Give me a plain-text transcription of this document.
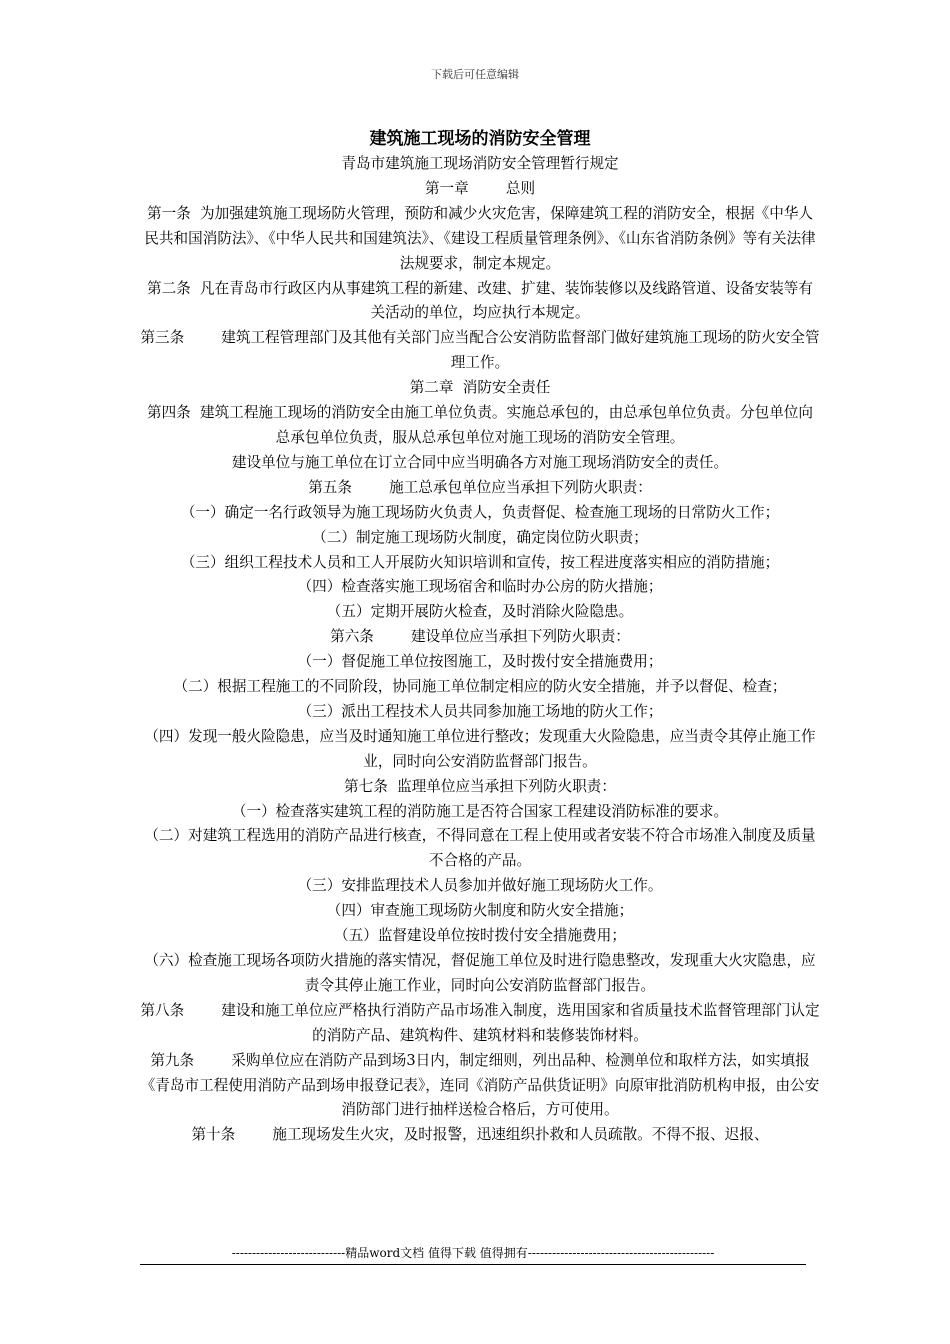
下载后可任意编辑

建筑施工现场的消防安全管理

青岛市建筑施工现场消防安全管理暂行规定

第一章        总则

第一条  为加强建筑施工现场防火管理，预防和减少火灾危害，保障建筑工程的消防安全，根据《中华人民共和国消防法》、《中华人民共和国建筑法》、《建设工程质量管理条例》、《山东省消防条例》等有关法律法规要求，制定本规定。

第二条  凡在青岛市行政区内从事建筑工程的新建、改建、扩建、装饰装修以及线路管道、设备安装等有关活动的单位，均应执行本规定。

第三条        建筑工程管理部门及其他有关部门应当配合公安消防监督部门做好建筑施工现场的防火安全管理工作。

第二章  消防安全责任

第四条  建筑工程施工现场的消防安全由施工单位负责。实施总承包的，由总承包单位负责。分包单位向总承包单位负责，服从总承包单位对施工现场的消防安全管理。

建设单位与施工单位在订立合同中应当明确各方对施工现场消防安全的责任。

第五条        施工总承包单位应当承担下列防火职责：

（一）确定一名行政领导为施工现场防火负责人，负责督促、检查施工现场的日常防火工作；

（二）制定施工现场防火制度，确定岗位防火职责；

（三）组织工程技术人员和工人开展防火知识培训和宣传，按工程进度落实相应的消防措施；

（四）检查落实施工现场宿舍和临时办公房的防火措施；

（五）定期开展防火检查，及时消除火险隐患。

第六条        建设单位应当承担下列防火职责：

（一）督促施工单位按图施工，及时拨付安全措施费用；

（二）根据工程施工的不同阶段，协同施工单位制定相应的防火安全措施，并予以督促、检查；

（三）派出工程技术人员共同参加施工场地的防火工作；

（四）发现一般火险隐患，应当及时通知施工单位进行整改；发现重大火险隐患，应当责令其停止施工作业，同时向公安消防监督部门报告。

第七条  监理单位应当承担下列防火职责：

（一）检查落实建筑工程的消防施工是否符合国家工程建设消防标准的要求。

（二）对建筑工程选用的消防产品进行核查，不得同意在工程上使用或者安装不符合市场准入制度及质量不合格的产品。

（三）安排监理技术人员参加并做好施工现场防火工作。

（四）审查施工现场防火制度和防火安全措施；

（五）监督建设单位按时拨付安全措施费用；

（六）检查施工现场各项防火措施的落实情况，督促施工单位及时进行隐患整改，发现重大火灾隐患，应责令其停止施工作业，同时向公安消防监督部门报告。

第八条        建设和施工单位应严格执行消防产品市场准入制度，选用国家和省质量技术监督管理部门认定的消防产品、建筑构件、建筑材料和装修装饰材料。

第九条        采购单位应在消防产品到场3日内，制定细则，列出品种、检测单位和取样方法，如实填报《青岛市工程使用消防产品到场申报登记表》，连同《消防产品供货证明》向原审批消防机构申报，由公安消防部门进行抽样送检合格后，方可使用。

第十条        施工现场发生火灾，及时报警，迅速组织扑救和人员疏散。不得不报、迟报、

----------------------------精品word文档 值得下载 值得拥有----------------------------------------------
